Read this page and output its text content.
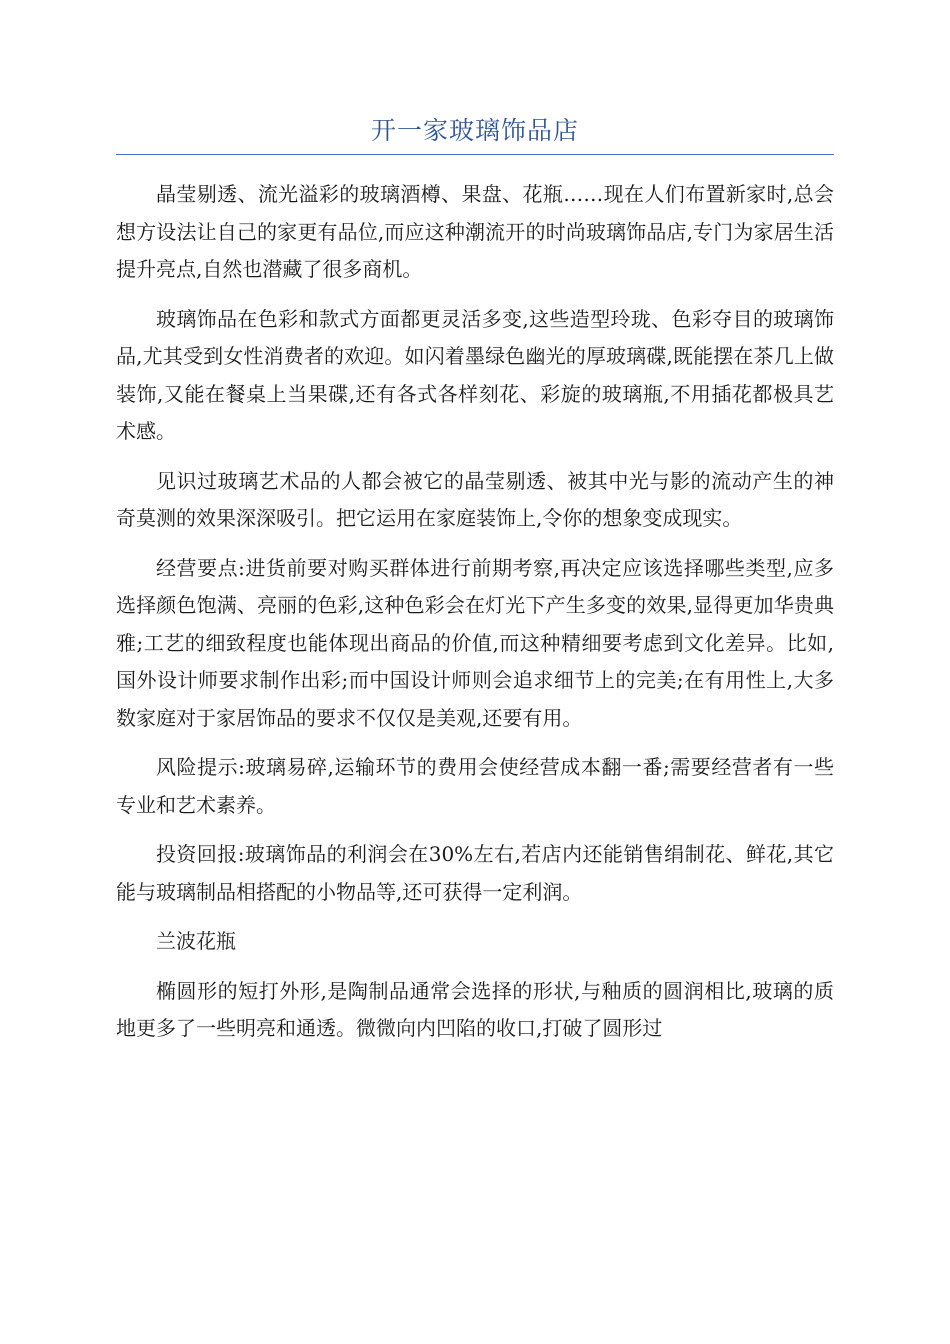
开一家玻璃饰品店

晶莹剔透、流光溢彩的玻璃酒樽、果盘、花瓶……现在人们布置新家时,总会想方设法让自己的家更有品位,而应这种潮流开的时尚玻璃饰品店,专门为家居生活提升亮点,自然也潜藏了很多商机。

玻璃饰品在色彩和款式方面都更灵活多变,这些造型玲珑、色彩夺目的玻璃饰品,尤其受到女性消费者的欢迎。如闪着墨绿色幽光的厚玻璃碟,既能摆在茶几上做装饰,又能在餐桌上当果碟,还有各式各样刻花、彩旋的玻璃瓶,不用插花都极具艺术感。

见识过玻璃艺术品的人都会被它的晶莹剔透、被其中光与影的流动产生的神奇莫测的效果深深吸引。把它运用在家庭装饰上,令你的想象变成现实。

经营要点:进货前要对购买群体进行前期考察,再决定应该选择哪些类型,应多选择颜色饱满、亮丽的色彩,这种色彩会在灯光下产生多变的效果,显得更加华贵典雅;工艺的细致程度也能体现出商品的价值,而这种精细要考虑到文化差异。比如,国外设计师要求制作出彩;而中国设计师则会追求细节上的完美;在有用性上,大多数家庭对于家居饰品的要求不仅仅是美观,还要有用。

风险提示:玻璃易碎,运输环节的费用会使经营成本翻一番;需要经营者有一些专业和艺术素养。

投资回报:玻璃饰品的利润会在30%左右,若店内还能销售绢制花、鲜花,其它能与玻璃制品相搭配的小物品等,还可获得一定利润。

兰波花瓶

椭圆形的短打外形,是陶制品通常会选择的形状,与釉质的圆润相比,玻璃的质地更多了一些明亮和通透。微微向内凹陷的收口,打破了圆形过
